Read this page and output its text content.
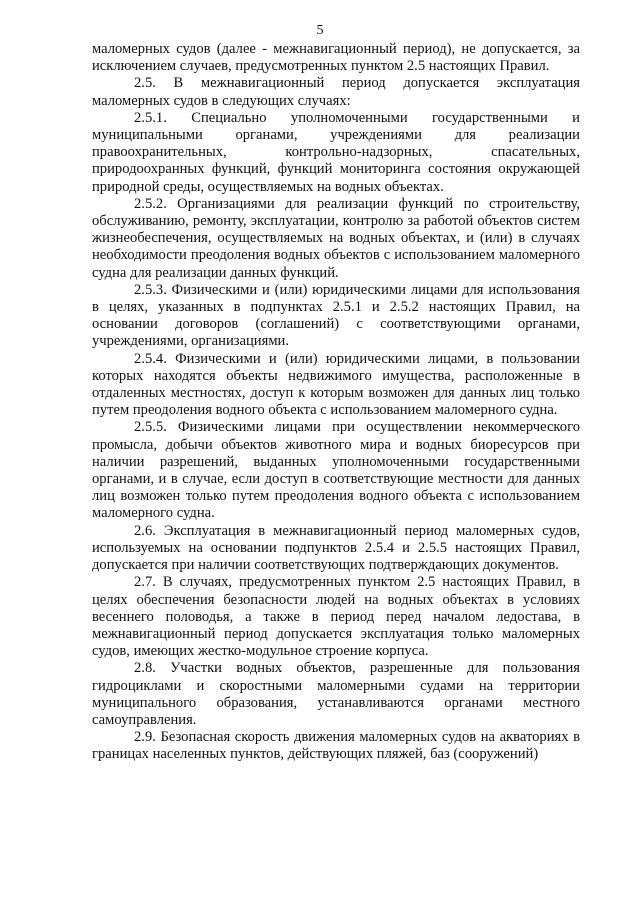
5

маломерных судов (далее - межнавигационный период), не допускается, за исключением случаев, предусмотренных пунктом 2.5 настоящих Правил.

2.5. В межнавигационный период допускается эксплуатация маломерных судов в следующих случаях:

2.5.1. Специально уполномоченными государственными и муниципальными органами, учреждениями для реализации правоохранительных, контрольно-надзорных, спасательных, природоохранных функций, функций мониторинга состояния окружающей природной среды, осуществляемых на водных объектах.

2.5.2. Организациями для реализации функций по строительству, обслуживанию, ремонту, эксплуатации, контролю за работой объектов систем жизнеобеспечения, осуществляемых на водных объектах, и (или) в случаях необходимости преодоления водных объектов с использованием маломерного судна для реализации данных функций.

2.5.3. Физическими и (или) юридическими лицами для использования в целях, указанных в подпунктах 2.5.1 и 2.5.2 настоящих Правил, на основании договоров (соглашений) с соответствующими органами, учреждениями, организациями.

2.5.4. Физическими и (или) юридическими лицами, в пользовании которых находятся объекты недвижимого имущества, расположенные в отдаленных местностях, доступ к которым возможен для данных лиц только путем преодоления водного объекта с использованием маломерного судна.

2.5.5. Физическими лицами при осуществлении некоммерческого промысла, добычи объектов животного мира и водных биоресурсов при наличии разрешений, выданных уполномоченными государственными органами, и в случае, если доступ в соответствующие местности для данных лиц возможен только путем преодоления водного объекта с использованием маломерного судна.

2.6. Эксплуатация в межнавигационный период маломерных судов, используемых на основании подпунктов 2.5.4 и 2.5.5 настоящих Правил, допускается при наличии соответствующих подтверждающих документов.

2.7. В случаях, предусмотренных пунктом 2.5 настоящих Правил, в целях обеспечения безопасности людей на водных объектах в условиях весеннего половодья, а также в период перед началом ледостава, в межнавигационный период допускается эксплуатация только маломерных судов, имеющих жестко-модульное строение корпуса.

2.8. Участки водных объектов, разрешенные для пользования гидроциклами и скоростными маломерными судами на территории муниципального образования, устанавливаются органами местного самоуправления.

2.9. Безопасная скорость движения маломерных судов на акваториях в границах населенных пунктов, действующих пляжей, баз (сооружений)
